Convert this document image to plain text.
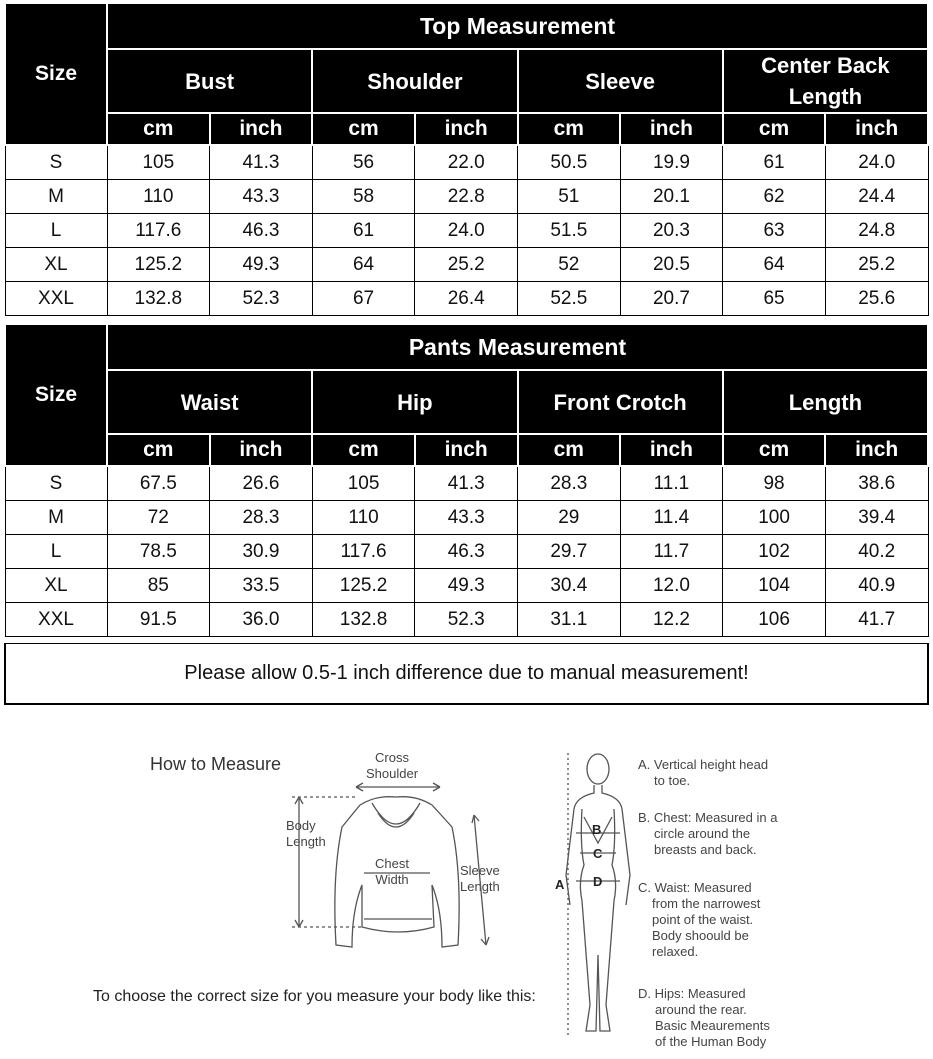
Size	Top Measurement							
	Bust		Shoulder		Sleeve		Center Back Length	
	cm	inch	cm	inch	cm	inch	cm	inch
S	105	41.3	56	22.0	50.5	19.9	61	24.0
M	110	43.3	58	22.8	51	20.1	62	24.4
L	117.6	46.3	61	24.0	51.5	20.3	63	24.8
XL	125.2	49.3	64	25.2	52	20.5	64	25.2
XXL	132.8	52.3	67	26.4	52.5	20.7	65	25.6
Size	Pants Measurement							
	Waist		Hip		Front Crotch		Length	
	cm	inch	cm	inch	cm	inch	cm	inch
S	67.5	26.6	105	41.3	28.3	11.1	98	38.6
M	72	28.3	110	43.3	29	11.4	100	39.4
L	78.5	30.9	117.6	46.3	29.7	11.7	102	40.2
XL	85	33.5	125.2	49.3	30.4	12.0	104	40.9
XXL	91.5	36.0	132.8	52.3	31.1	12.2	106	41.7
Please allow 0.5-1 inch difference due to manual measurement!
How to Measure	Cross
Shoulder
Body
Length
Chest
Width
Sleeve
Length
B
C
D
A
A. Vertical height head
to toe.
B. Chest: Measured in a
circle around the
breasts and back.
C. Waist: Measured
from the narrowest
point of the waist.
Body shoould be
relaxed.
D. Hips: Measured
around the rear.
Basic Meaurements
of the Human Body
To choose the correct size for you measure your body like this:
